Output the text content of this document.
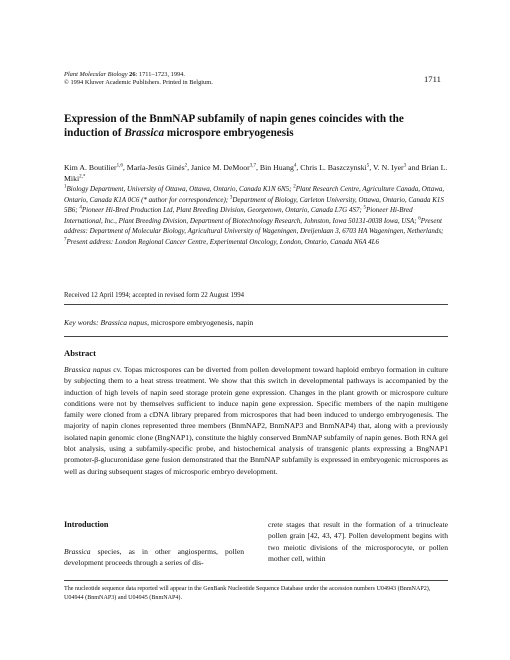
Plant Molecular Biology 26: 1711–1723, 1994.
© 1994 Kluwer Academic Publishers. Printed in Belgium.	1711
Expression of the BnmNAP subfamily of napin genes coincides with the induction of Brassica microspore embryogenesis
Kim A. Boutilier$^{1,6}$, María-Jesús Ginés$^2$, Janice M. DeMoor$^{3,7}$, Bin Huang$^4$, Chris L. Baszczynski$^5$, V. N. Iyer$^3$ and Brian L. Miki$^{2,*}$
$^1$Biology Department, University of Ottawa, Ottawa, Ontario, Canada K1N 6N5; $^2$Plant Research Centre, Agriculture Canada, Ottawa, Ontario, Canada K1A 0C6 (* author for correspondence); $^3$Department of Biology, Carleton University, Ottawa, Ontario, Canada K1S 5B6; $^4$Pioneer Hi-Bred Production Ltd, Plant Breeding Division, Georgetown, Ontario, Canada L7G 4S7; $^5$Pioneer Hi-Bred International, Inc., Plant Breeding Division, Department of Biotechnology Research, Johnston, Iowa 50131-0038 Iowa, USA; $^6$Present address: Department of Molecular Biology, Agricultural University of Wageningen, Dreijenlaan 3, 6703 HA Wageningen, Netherlands; $^7$Present address: London Regional Cancer Centre, Experimental Oncology, London, Ontario, Canada N6A 4L6
Received 12 April 1994; accepted in revised form 22 August 1994
Key words: Brassica napus, microspore embryogenesis, napin
Abstract

Brassica napus cv. Topas microspores can be diverted from pollen development toward haploid embryo formation in culture by subjecting them to a heat stress treatment. We show that this switch in developmental pathways is accompanied by the induction of high levels of napin seed storage protein gene expression. Changes in the plant growth or microspore culture conditions were not by themselves sufficient to induce napin gene expression. Specific members of the napin multigene family were cloned from a cDNA library prepared from microspores that had been induced to undergo embryogenesis. The majority of napin clones represented three members (BnmNAP2, BnmNAP3 and BnmNAP4) that, along with a previously isolated napin genomic clone (BngNAP1), constitute the highly conserved BnmNAP subfamily of napin genes. Both RNA gel blot analysis, using a subfamily-specific probe, and histochemical analysis of transgenic plants expressing a BngNAP1 promoter-β-glucuronidase gene fusion demonstrated that the BnmNAP subfamily is expressed in embryogenic microspores as well as during subsequent stages of microsporic embryo development.

Introduction
Brassica species, as in other angiosperms, pollen development proceeds through a series of dis-
crete stages that result in the formation of a trinucleate pollen grain [42, 43, 47]. Pollen development begins with two meiotic divisions of the microsporocyte, or pollen mother cell, within
The nucleotide sequence data reported will appear in the GenBank Nucleotide Sequence Database under the accession numbers U04943 (BnmNAP2), U04944 (BnmNAP3) and U04945 (BnmNAP4).
